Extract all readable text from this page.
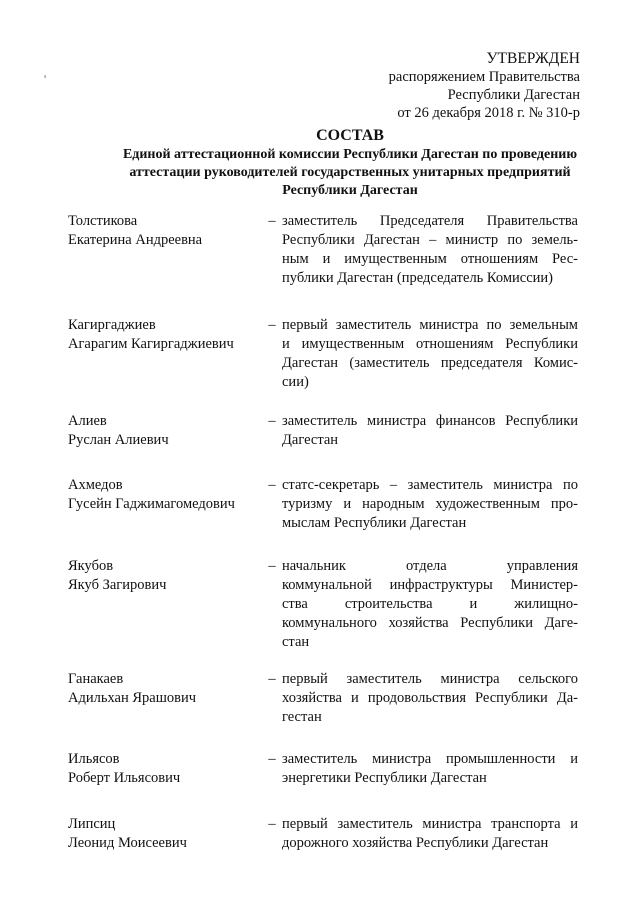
УТВЕРЖДЕН
распоряжением Правительства
Республики Дагестан
от 26 декабря 2018 г. № 310-р
СОСТАВ
Единой аттестационной комиссии Республики Дагестан по проведению
аттестации руководителей государственных унитарных предприятий
Республики Дагестан
Толстикова
Екатерина Андреевна
– заместитель Председателя Правительства
Республики Дагестан – министр по земель-
ным и имущественным отношениям Рес-
публики Дагестан (председатель Комиссии)
Кагиргаджиев
Агарагим Кагиргаджиевич
– первый заместитель министра по земельным
и имущественным отношениям Республики
Дагестан (заместитель председателя Комис-
сии)
Алиев
Руслан Алиевич
– заместитель министра финансов Республики
Дагестан
Ахмедов
Гусейн Гаджимагомедович
– статс-секретарь – заместитель министра по
туризму и народным художественным про-
мыслам Республики Дагестан
Якубов
Якуб Загирович
– начальник отдела управления
коммунальной инфраструктуры Министер-
ства строительства и жилищно-
коммунального хозяйства Республики Даге-
стан
Ганакаев
Адильхан Ярашович
– первый заместитель министра сельского
хозяйства и продовольствия Республики Да-
гестан
Ильясов
Роберт Ильясович
– заместитель министра промышленности и
энергетики Республики Дагестан
Липсиц
Леонид Моисеевич
– первый заместитель министра транспорта и
дорожного хозяйства Республики Дагестан
'
